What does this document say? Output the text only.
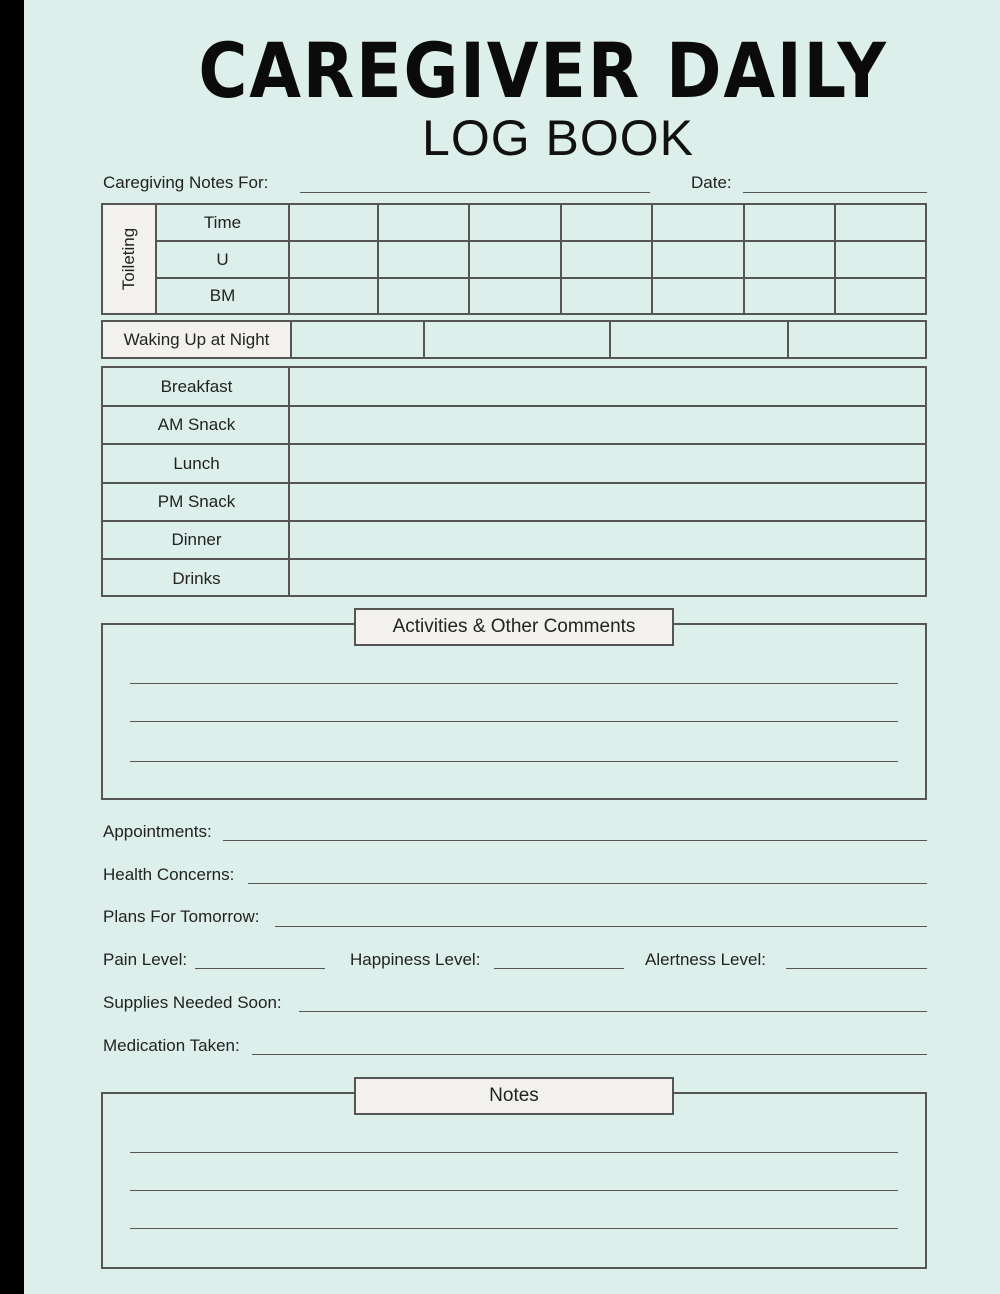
CAREGIVER DAILY
LOG BOOK
Caregiving Notes For:	Date:
Toileting
Time
U
BM
Waking Up at Night
Breakfast
AM Snack
Lunch
PM Snack
Dinner
Drinks
Activities & Other Comments
Appointments:
Health Concerns:
Plans For Tomorrow:
Pain Level:	Happiness Level:	Alertness Level:
Supplies Needed Soon:
Medication Taken:
Notes
